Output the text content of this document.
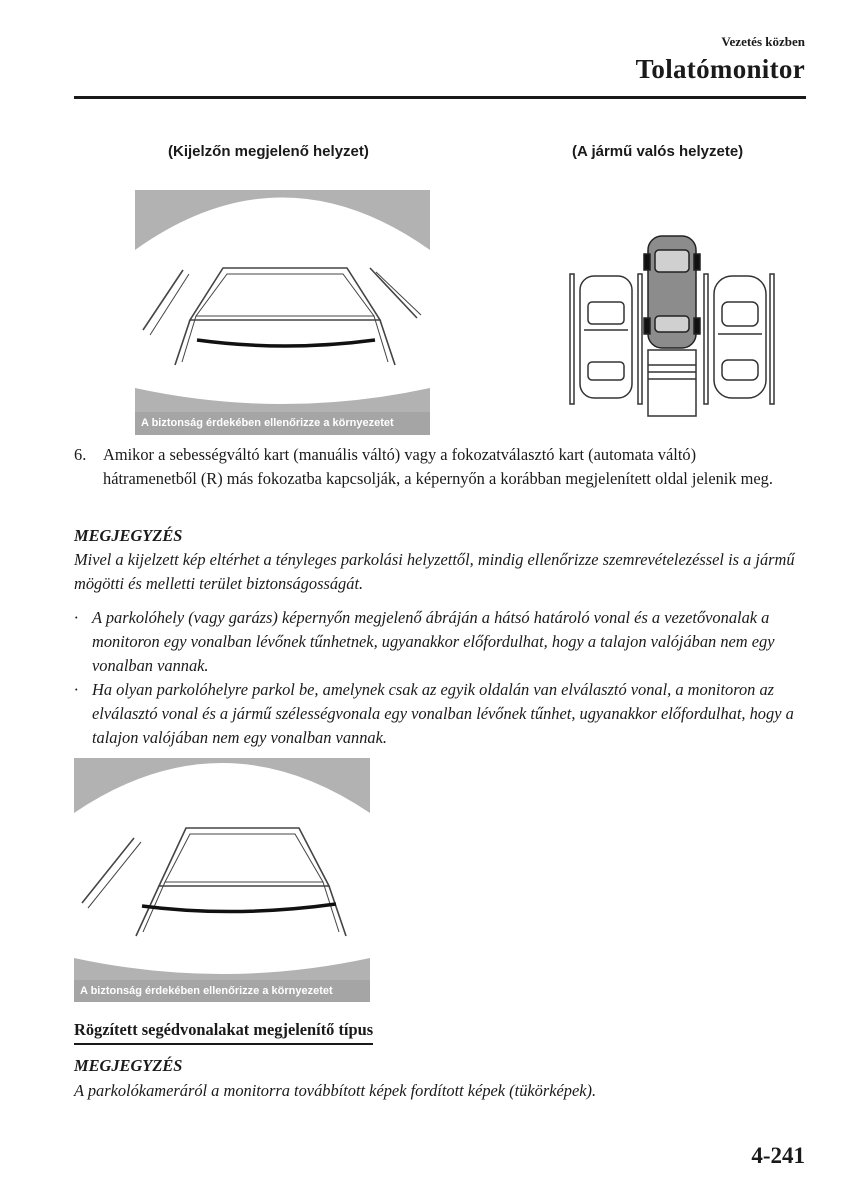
Vezetés közben
Tolatómonitor
(Kijelzőn megjelenő helyzet)	(A jármű valós helyzete)
A biztonság érdekében ellenőrizze a környezetet
6. Amikor a sebességváltó kart (manuális váltó) vagy a fokozatválasztó kart (automata váltó) hátramenetből (R) más fokozatba kapcsolják, a képernyőn a korábban megjelenített oldal jelenik meg.
MEGJEGYZÉS
Mivel a kijelzett kép eltérhet a tényleges parkolási helyzettől, mindig ellenőrizze szemrevételezéssel is a jármű mögötti és melletti terület biztonságosságát.
· A parkolóhely (vagy garázs) képernyőn megjelenő ábráján a hátsó határoló vonal és a vezetővonalak a monitoron egy vonalban lévőnek tűnhetnek, ugyanakkor előfordulhat, hogy a talajon valójában nem egy vonalban vannak.
· Ha olyan parkolóhelyre parkol be, amelynek csak az egyik oldalán van elválasztó vonal, a monitoron az elválasztó vonal és a jármű szélességvonala egy vonalban lévőnek tűnhet, ugyanakkor előfordulhat, hogy a talajon valójában nem egy vonalban vannak.
A biztonság érdekében ellenőrizze a környezetet
Rögzített segédvonalakat megjelenítő típus
MEGJEGYZÉS
A parkolókameráról a monitorra továbbított képek fordított képek (tükörképek).
4-241
